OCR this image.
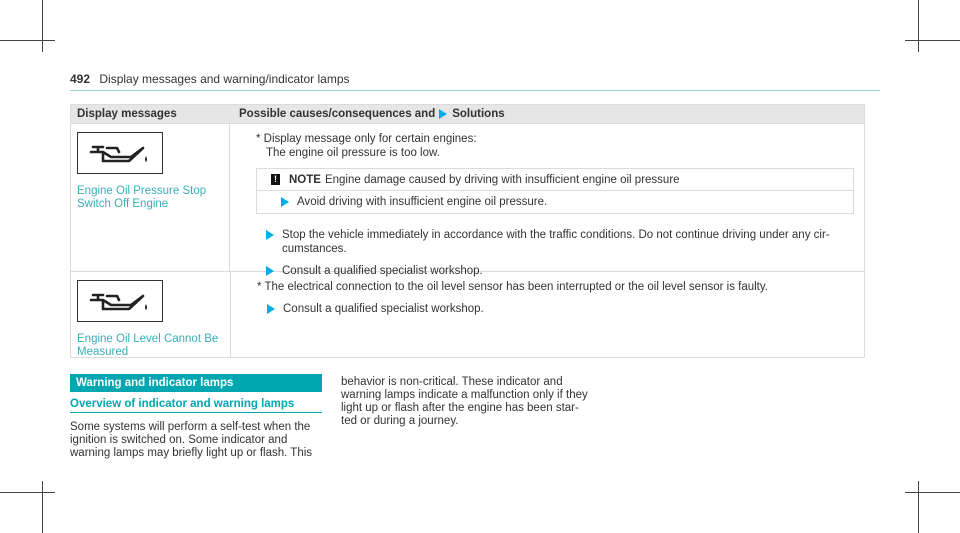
492 Display messages and warning/indicator lamps
Display messages	Possible causes/consequences and Solutions
Engine Oil Pressure Stop Switch Off Engine
* Display message only for certain engines:
The engine oil pressure is too low.
! NOTE Engine damage caused by driving with insufficient engine oil pressure
Avoid driving with insufficient engine oil pressure.
Stop the vehicle immediately in accordance with the traffic conditions. Do not continue driving under any cir-
cumstances.
Consult a qualified specialist workshop.
Engine Oil Level Cannot Be Measured
* The electrical connection to the oil level sensor has been interrupted or the oil level sensor is faulty.
Consult a qualified specialist workshop.
Warning and indicator lamps
Overview of indicator and warning lamps
Some systems will perform a self-test when the ignition is switched on. Some indicator and warning lamps may briefly light up or flash. This
behavior is non-critical. These indicator and warning lamps indicate a malfunction only if they light up or flash after the engine has been star- ted or during a journey.
